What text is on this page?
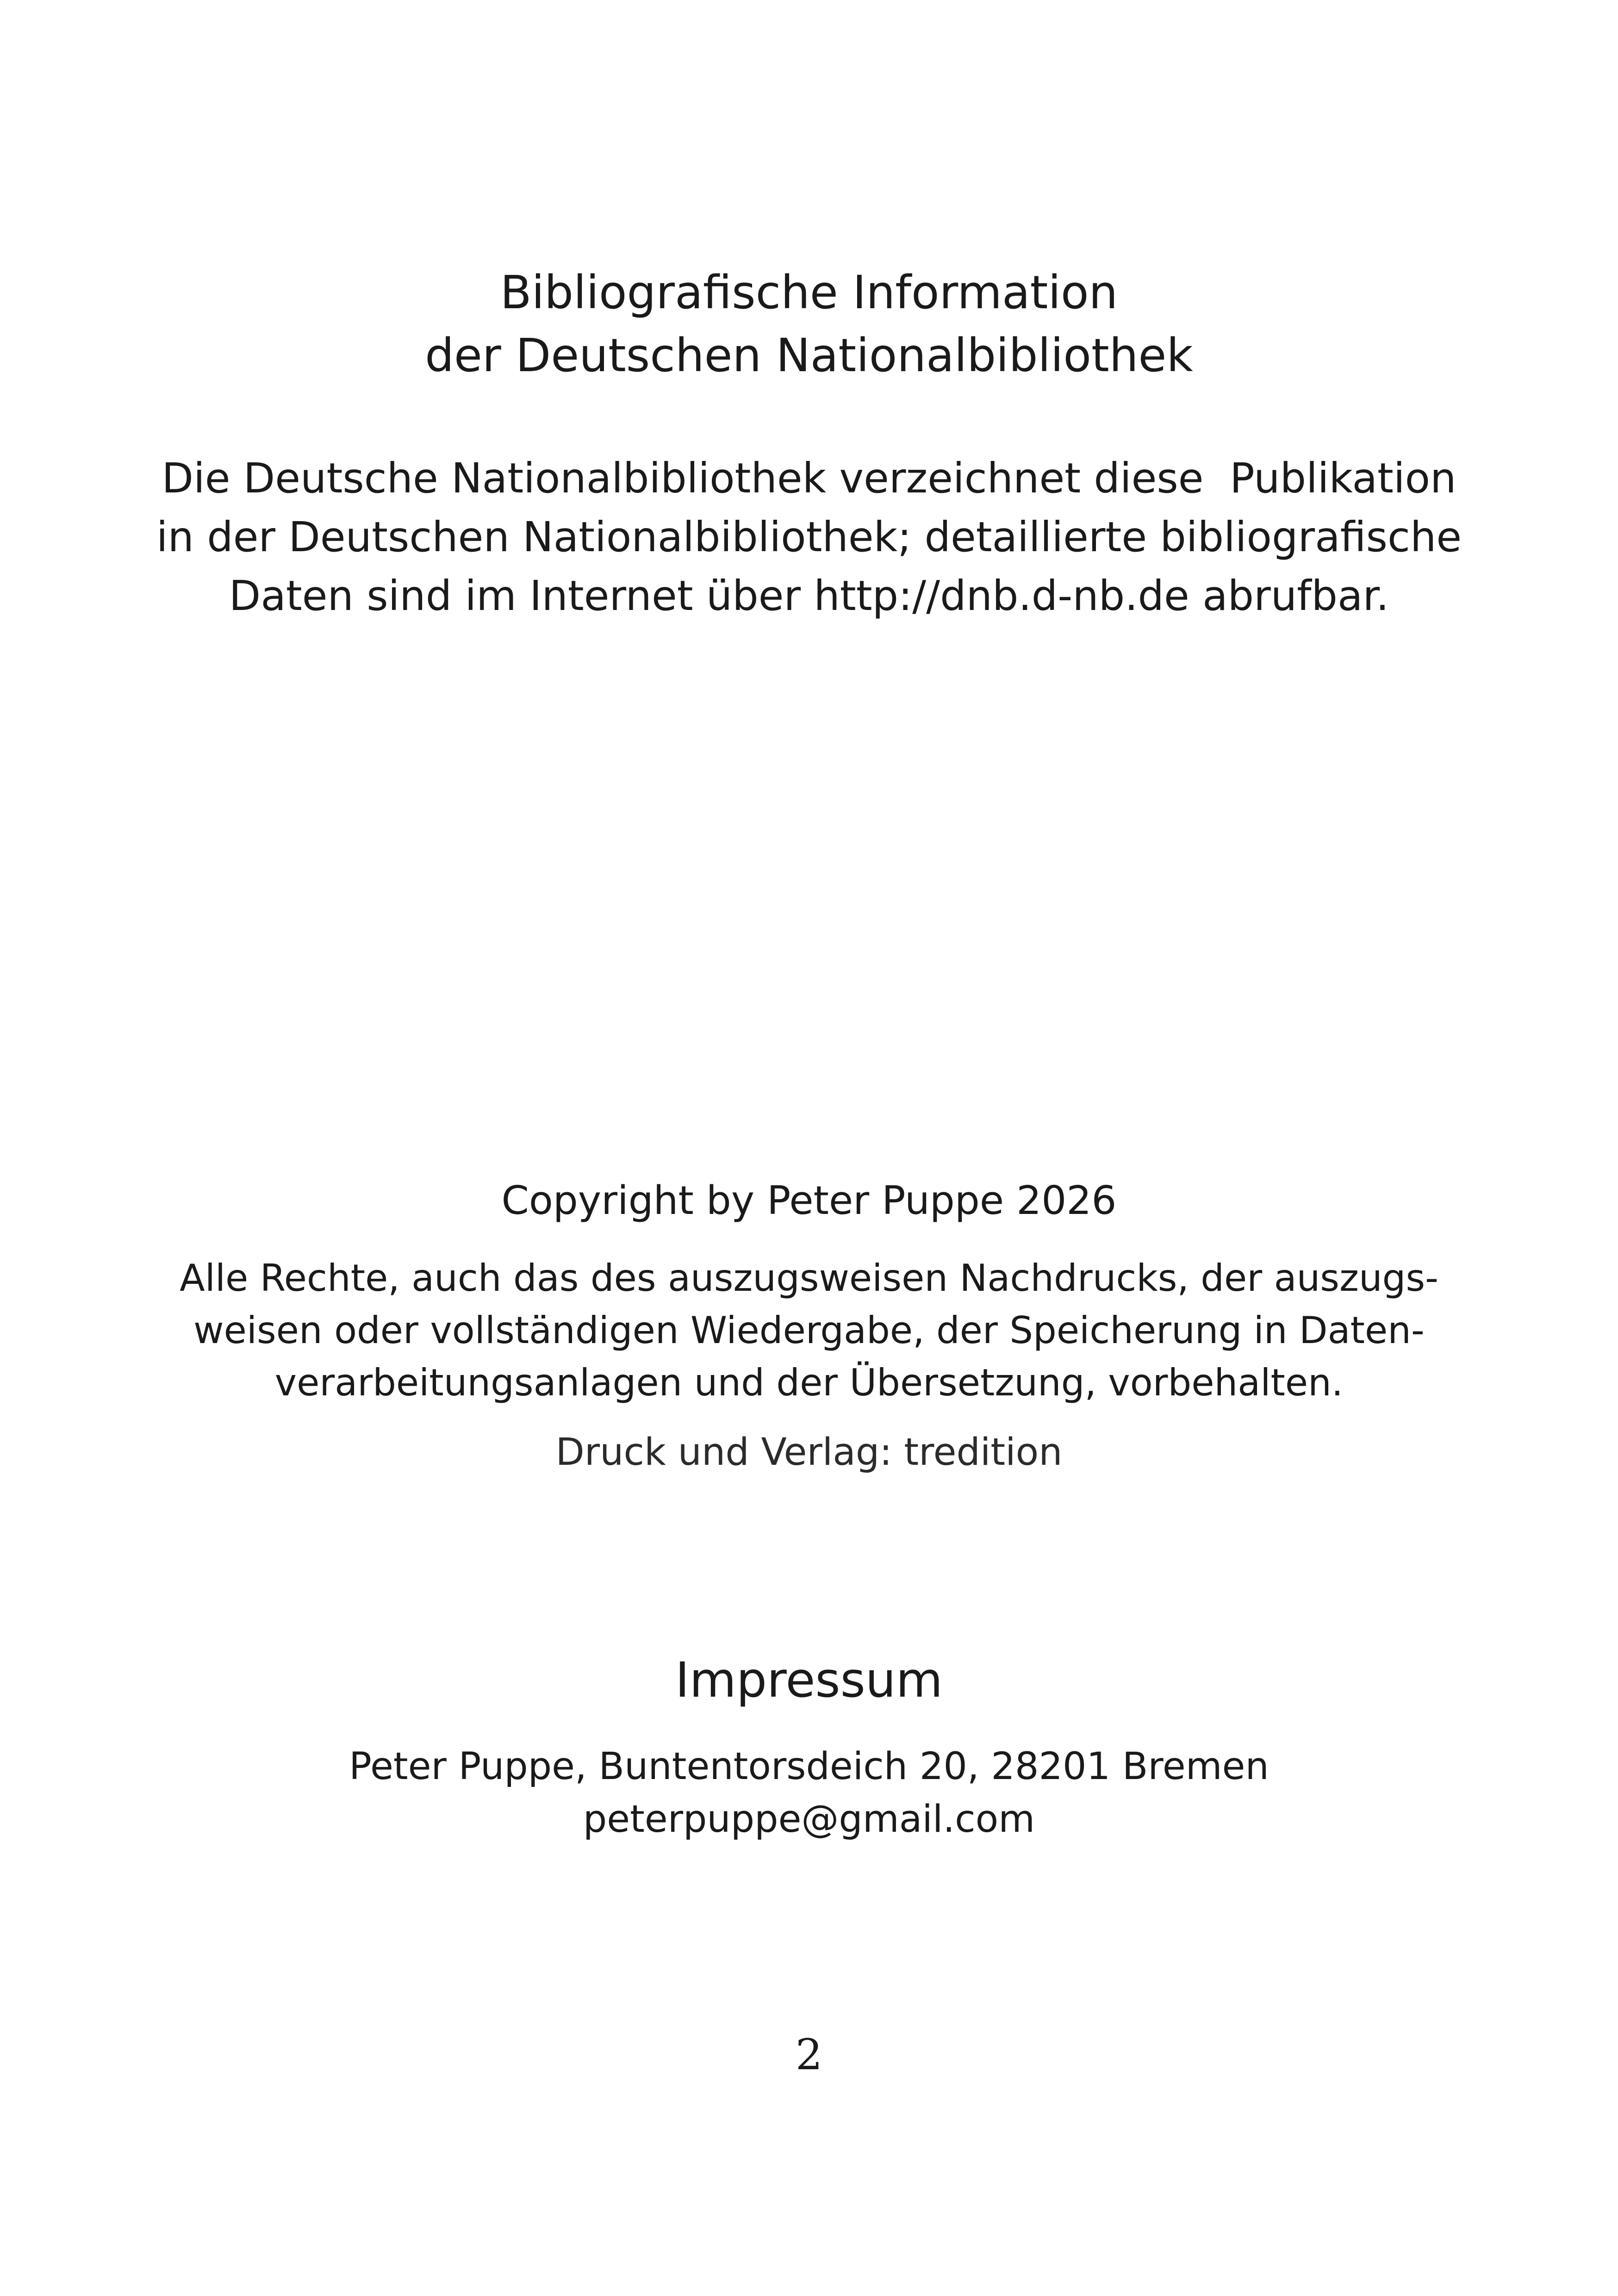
Bibliografische Information
der Deutschen Nationalbibliothek
Die Deutsche Nationalbibliothek verzeichnet diese  Publikation
in der Deutschen Nationalbibliothek; detaillierte bibliografische
Daten sind im Internet über http://dnb.d-nb.de abrufbar.
Copyright by Peter Puppe 2026
Alle Rechte, auch das des auszugsweisen Nachdrucks, der auszugs-
weisen oder vollständigen Wiedergabe, der Speicherung in Daten-
verarbeitungsanlagen und der Übersetzung, vorbehalten.
Druck und Verlag: tredition
Impressum
Peter Puppe, Buntentorsdeich 20, 28201 Bremen
peterpuppe@gmail.com
2
